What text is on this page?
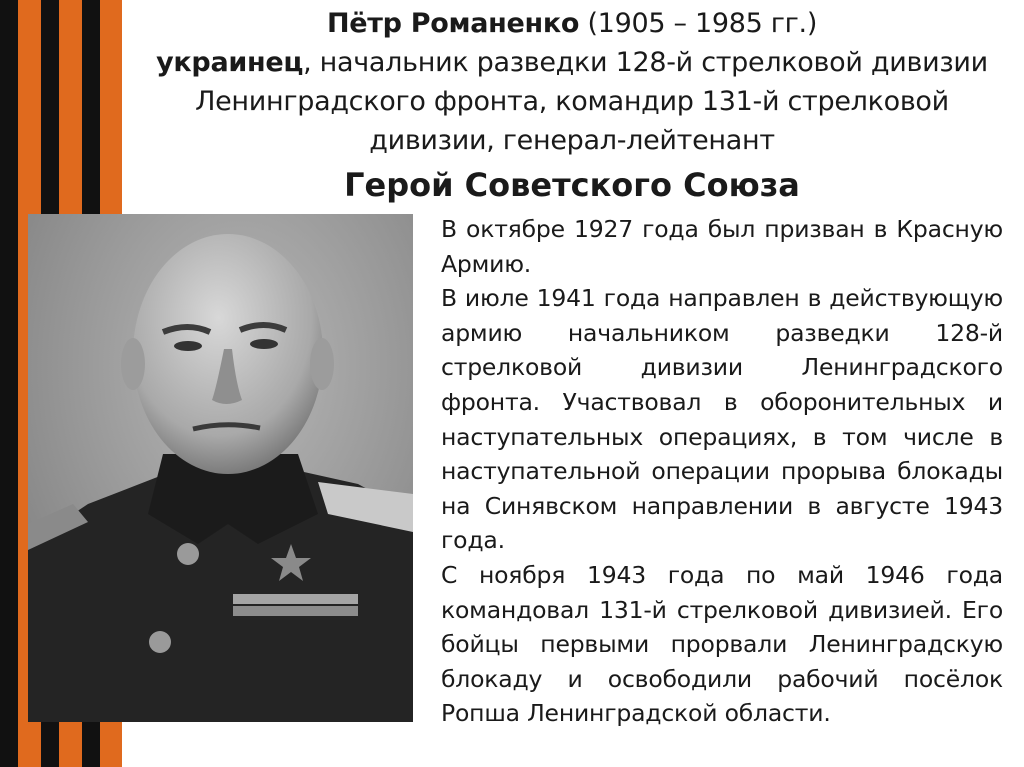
Пётр Романенко (1905 – 1985 гг.)
украинец, начальник разведки 128-й стрелковой дивизии
Ленинградского фронта, командир 131-й стрелковой
дивизии, генерал-лейтенант
Герой Советского Союза

В октябре 1927 года был призван в Красную Армию.

В июле 1941 года направлен в действующую армию начальником разведки 128-й стрелковой дивизии Ленинградского фронта. Участвовал в оборонительных и наступательных операциях, в том числе в наступательной операции прорыва блокады на Синявском направлении в августе 1943 года.

С ноября 1943 года по май 1946 года командовал 131-й стрелковой дивизией. Его бойцы первыми прорвали Ленинградскую блокаду и освободили рабочий посёлок Ропша Ленинградской области.
